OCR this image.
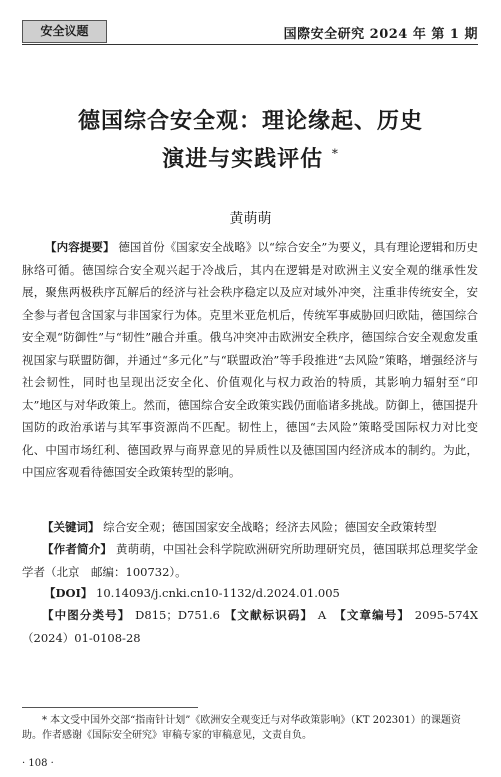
安全议题	国際安全研究 2024 年 第 1 期
德国综合安全观：理论缘起、历史
演进与实践评估 *
黄萌萌

【内容提要】 德国首份《国家安全战略》以“综合安全”为要义，具有理论逻辑和历史脉络可循。德国综合安全观兴起于冷战后，其内在逻辑是对欧洲主义安全观的继承性发展，聚焦两极秩序瓦解后的经济与社会秩序稳定以及应对域外冲突，注重非传统安全，安全参与者包含国家与非国家行为体。克里米亚危机后，传统军事威胁回归欧陆，德国综合安全观“防御性”与“韧性”融合并重。俄乌冲突冲击欧洲安全秩序，德国综合安全观愈发重视国家与联盟防御，并通过“多元化”与“联盟政治”等手段推进“去风险”策略，增强经济与社会韧性，同时也呈现出泛安全化、价值观化与权力政治的特质，其影响力辐射至“印太”地区与对华政策上。然而，德国综合安全政策实践仍面临诸多挑战。防御上，德国提升国防的政治承诺与其军事资源尚不匹配。韧性上，德国“去风险”策略受国际权力对比变化、中国市场红利、德国政界与商界意见的异质性以及德国国内经济成本的制约。为此，中国应客观看待德国安全政策转型的影响。

【关键词】 综合安全观；德国国家安全战略；经济去风险；德国安全政策转型

【作者简介】 黄萌萌，中国社会科学院欧洲研究所助理研究员，德国联邦总理奖学金学者（北京　邮编：100732）。

【DOI】 10.14093/j.cnki.cn10-1132/d.2024.01.005

【中图分类号】 D815；D751.6 【文献标识码】 A　 【文章编号】 2095-574X（2024）01-0108-28

* 本文受中国外交部“指南针计划”《欧洲安全观变迁与对华政策影响》（KT 202301）的课题资助。作者感谢《国际安全研究》审稿专家的审稿意见，文责自负。

· 108 ·
